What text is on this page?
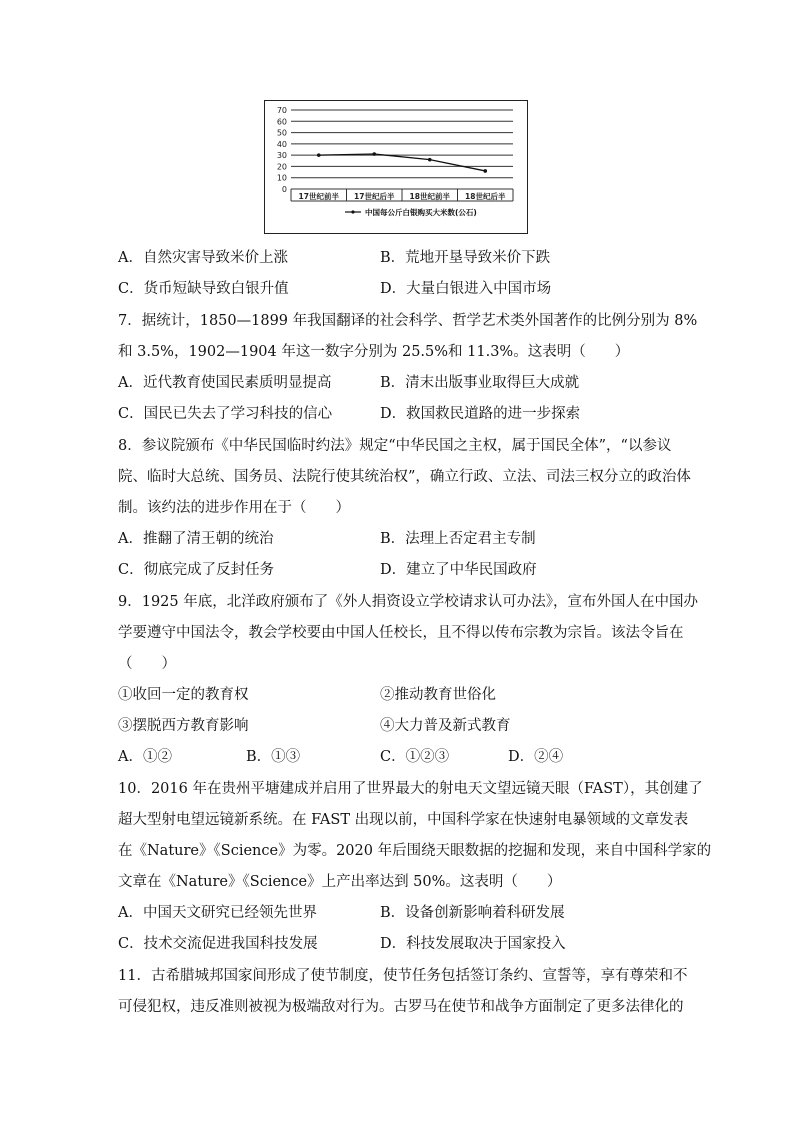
70
60
50
40
30
20
10
0
17世纪前半 17世纪后半 18世纪前半 18世纪后半
中国每公斤白银购买大米数(公石)
A．自然灾害导致米价上涨	B．荒地开垦导致米价下跌
C．货币短缺导致白银升值	D．大量白银进入中国市场
7．据统计，1850—1899 年我国翻译的社会科学、哲学艺术类外国著作的比例分别为 8%
和 3.5%，1902—1904 年这一数字分别为 25.5%和 11.3%。这表明（　　）
A．近代教育使国民素质明显提高	B．清末出版事业取得巨大成就
C．国民已失去了学习科技的信心	D．救国救民道路的进一步探索
8．参议院颁布《中华民国临时约法》规定“中华民国之主权，属于国民全体”，“以参议
院、临时大总统、国务员、法院行使其统治权”，确立行政、立法、司法三权分立的政治体
制。该约法的进步作用在于（　　）
A．推翻了清王朝的统治	B．法理上否定君主专制
C．彻底完成了反封任务	D．建立了中华民国政府
9．1925 年底，北洋政府颁布了《外人捐资设立学校请求认可办法》，宣布外国人在中国办
学要遵守中国法令，教会学校要由中国人任校长，且不得以传布宗教为宗旨。该法令旨在
（　　）
①收回一定的教育权	②推动教育世俗化
③摆脱西方教育影响	④大力普及新式教育
A．①②	B．①③	C．①②③	D．②④
10．2016 年在贵州平塘建成并启用了世界最大的射电天文望远镜天眼（FAST），其创建了
超大型射电望远镜新系统。在 FAST 出现以前，中国科学家在快速射电暴领域的文章发表
在《Nature》《Science》为零。2020 年后围绕天眼数据的挖掘和发现，来自中国科学家的
文章在《Nature》《Science》上产出率达到 50%。这表明（　　）
A．中国天文研究已经领先世界	B．设备创新影响着科研发展
C．技术交流促进我国科技发展	D．科技发展取决于国家投入
11．古希腊城邦国家间形成了使节制度，使节任务包括签订条约、宣誓等，享有尊荣和不
可侵犯权，违反准则被视为极端敌对行为。古罗马在使节和战争方面制定了更多法律化的
